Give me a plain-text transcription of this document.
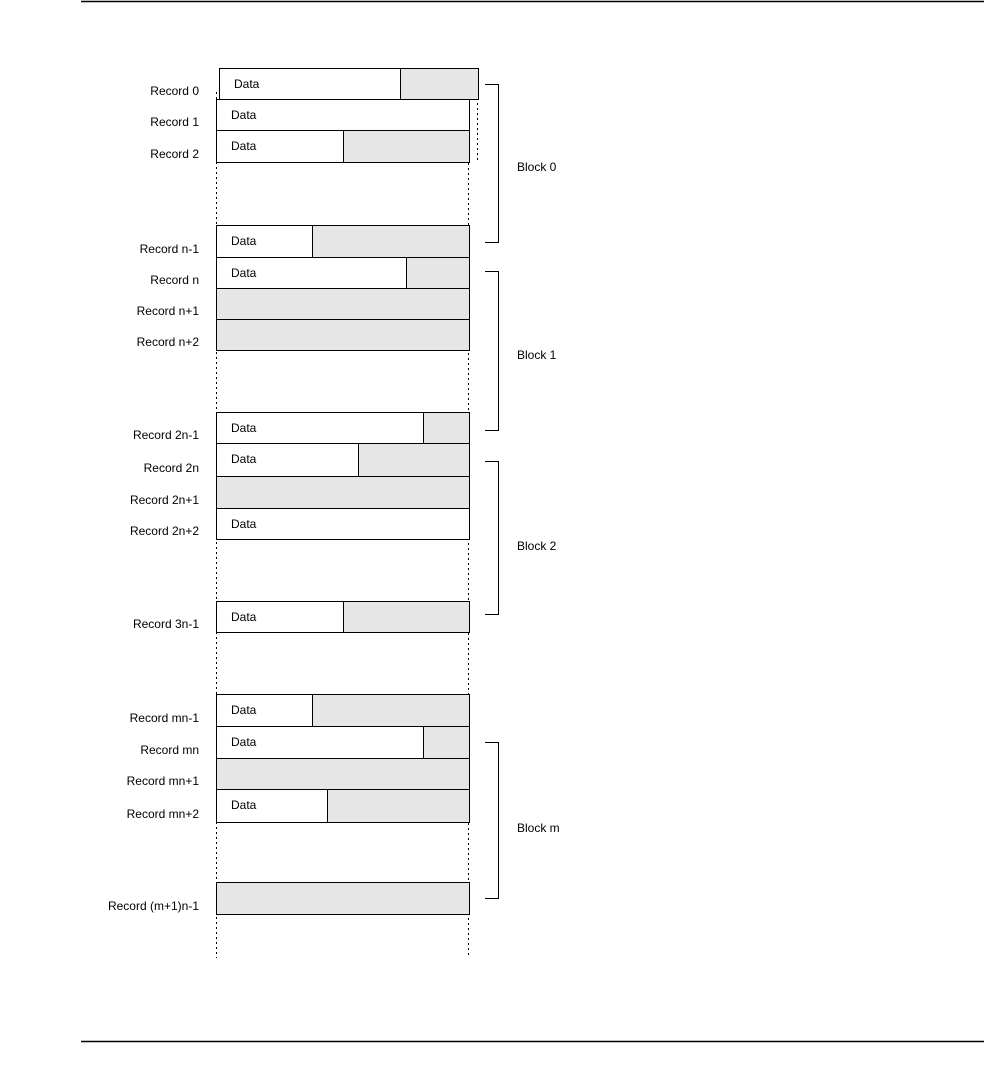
Data
Record 0
Data
Record 1
Data
Record 2
Data
Record n-1
Data
Record n
Record n+1
Record n+2
Data
Record 2n-1
Data
Record 2n
Record 2n+1
Data
Record 2n+2
Data
Record 3n-1
Data
Record mn-1
Data
Record mn
Record mn+1
Data
Record mn+2
Record (m+1)n-1
Block 0
Block 1
Block 2
Block m
